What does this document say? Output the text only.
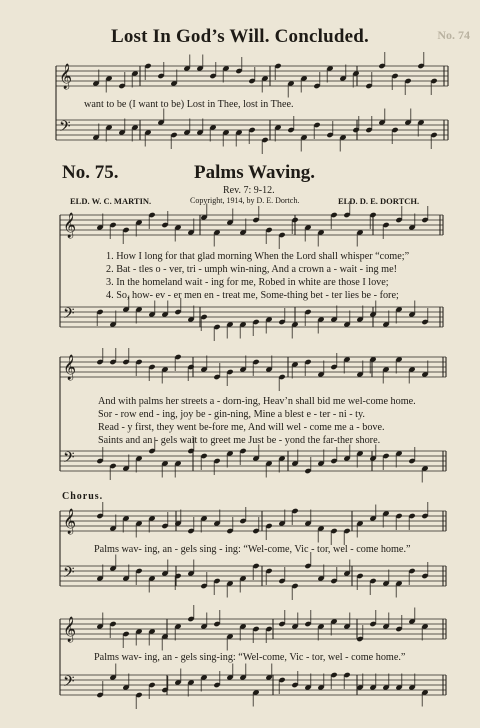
𝄞
𝄢
𝄞
𝄢
𝄞
𝄢
𝄞
𝄢
𝄞
𝄢
Lost In God’s Will. Concluded.	No. 74
want to be (I want to be) Lost in Thee, lost in Thee.
No. 75.	Palms Waving.
Rev. 7: 9-12.
ELD. W. C. MARTIN.	Copyright, 1914, by D. E. Dortch.	ELD. D. E. DORTCH.
1. How I long for that glad morning When the Lord shall whisper “come;”
2. Bat - tles o - ver, tri - umph win-ning, And a crown a - wait - ing me!
3. In the homeland wait - ing for me, Robed in white are those I love;
4. So, how- ev - er men en - treat me, Some-thing bet - ter lies be - fore;
And with palms her streets a - dorn-ing, Heav’n shall bid me wel-come home.
Sor - row end - ing, joy be - gin-ning, Mine a blest e - ter - ni - ty.
Read - y first, they went be-fore me, And will wel - come me a - bove.
Saints and an - gels wait to greet me Just be - yond the far-ther shore.
Chorus.
Palms wav- ing, an - gels sing - ing: “Wel-come, Vic - tor, wel - come home.”
Palms wav- ing, an - gels sing-ing: “Wel-come, Vic - tor, wel - come home.”
